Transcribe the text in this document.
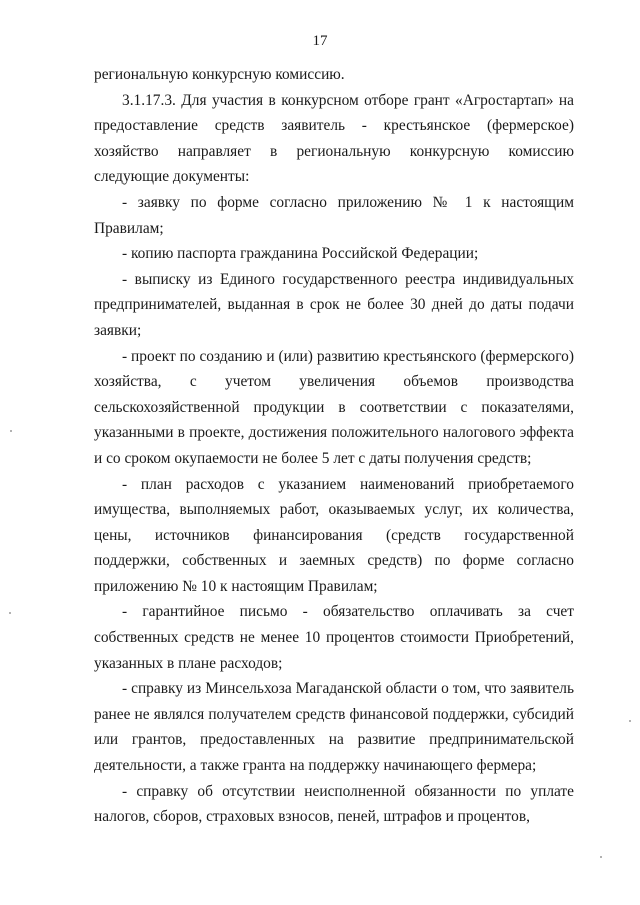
17

региональную конкурсную комиссию.

3.1.17.3. Для участия в конкурсном отборе грант «Агростартап» на предоставление средств заявитель - крестьянское (фермерское) хозяйство направляет в региональную конкурсную комиссию следующие документы:

- заявку по форме согласно приложению № 1 к настоящим Правилам;

- копию паспорта гражданина Российской Федерации;

- выписку из Единого государственного реестра индивидуальных предпринимателей, выданная в срок не более 30 дней до даты подачи заявки;

- проект по созданию и (или) развитию крестьянского (фермерского) хозяйства, с учетом увеличения объемов производства сельскохозяйственной продукции в соответствии с показателями, указанными в проекте, достижения положительного налогового эффекта и со сроком окупаемости не более 5 лет с даты получения средств;

- план расходов с указанием наименований приобретаемого имущества, выполняемых работ, оказываемых услуг, их количества, цены, источников финансирования (средств государственной поддержки, собственных и заемных средств) по форме согласно приложению № 10 к настоящим Правилам;

- гарантийное письмо - обязательство оплачивать за счет собственных средств не менее 10 процентов стоимости Приобретений, указанных в плане расходов;

- справку из Минсельхоза Магаданской области о том, что заявитель ранее не являлся получателем средств финансовой поддержки, субсидий или грантов, предоставленных на развитие предпринимательской деятельности, а также гранта на поддержку начинающего фермера;

- справку об отсутствии неисполненной обязанности по уплате налогов, сборов, страховых взносов, пеней, штрафов и процентов,
